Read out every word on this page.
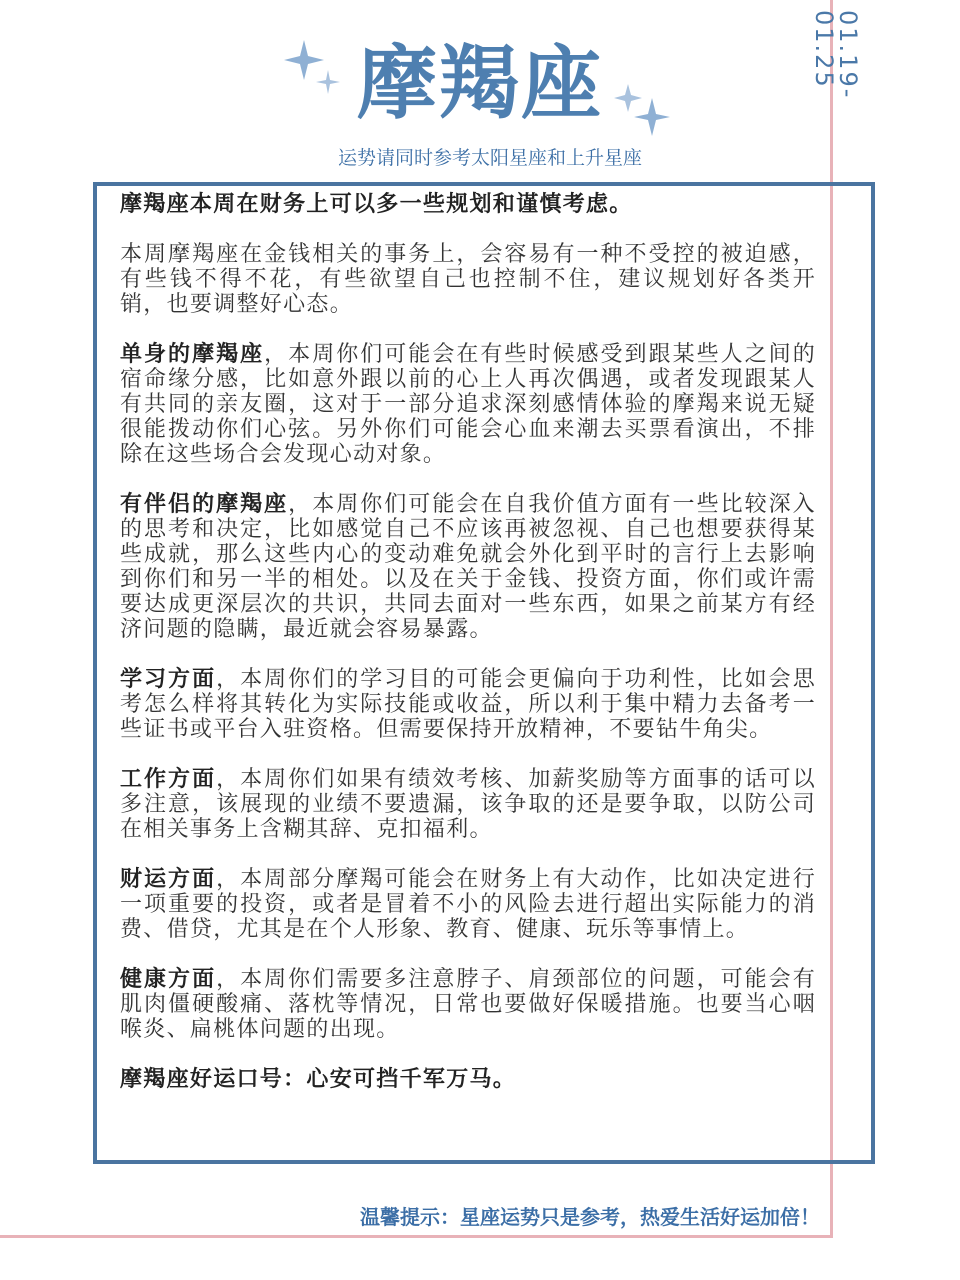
01.19-01.25
摩羯座
运势请同时参考太阳星座和上升星座

摩羯座本周在财务上可以多一些规划和谨慎考虑。

本周摩羯座在金钱相关的事务上，会容易有一种不受控的被迫感，有些钱不得不花，有些欲望自己也控制不住，建议规划好各类开销，也要调整好心态。

单身的摩羯座，本周你们可能会在有些时候感受到跟某些人之间的宿命缘分感，比如意外跟以前的心上人再次偶遇，或者发现跟某人有共同的亲友圈，这对于一部分追求深刻感情体验的摩羯来说无疑很能拨动你们心弦。另外你们可能会心血来潮去买票看演出，不排除在这些场合会发现心动对象。

有伴侣的摩羯座，本周你们可能会在自我价值方面有一些比较深入的思考和决定，比如感觉自己不应该再被忽视、自己也想要获得某些成就，那么这些内心的变动难免就会外化到平时的言行上去影响到你们和另一半的相处。以及在关于金钱、投资方面，你们或许需要达成更深层次的共识，共同去面对一些东西，如果之前某方有经济问题的隐瞒，最近就会容易暴露。

学习方面，本周你们的学习目的可能会更偏向于功利性，比如会思考怎么样将其转化为实际技能或收益，所以利于集中精力去备考一些证书或平台入驻资格。但需要保持开放精神，不要钻牛角尖。

工作方面，本周你们如果有绩效考核、加薪奖励等方面事的话可以多注意，该展现的业绩不要遗漏，该争取的还是要争取，以防公司在相关事务上含糊其辞、克扣福利。

财运方面，本周部分摩羯可能会在财务上有大动作，比如决定进行一项重要的投资，或者是冒着不小的风险去进行超出实际能力的消费、借贷，尤其是在个人形象、教育、健康、玩乐等事情上。

健康方面，本周你们需要多注意脖子、肩颈部位的问题，可能会有肌肉僵硬酸痛、落枕等情况，日常也要做好保暖措施。也要当心咽喉炎、扁桃体问题的出现。

摩羯座好运口号：心安可挡千军万马。

温馨提示：星座运势只是参考，热爱生活好运加倍！
